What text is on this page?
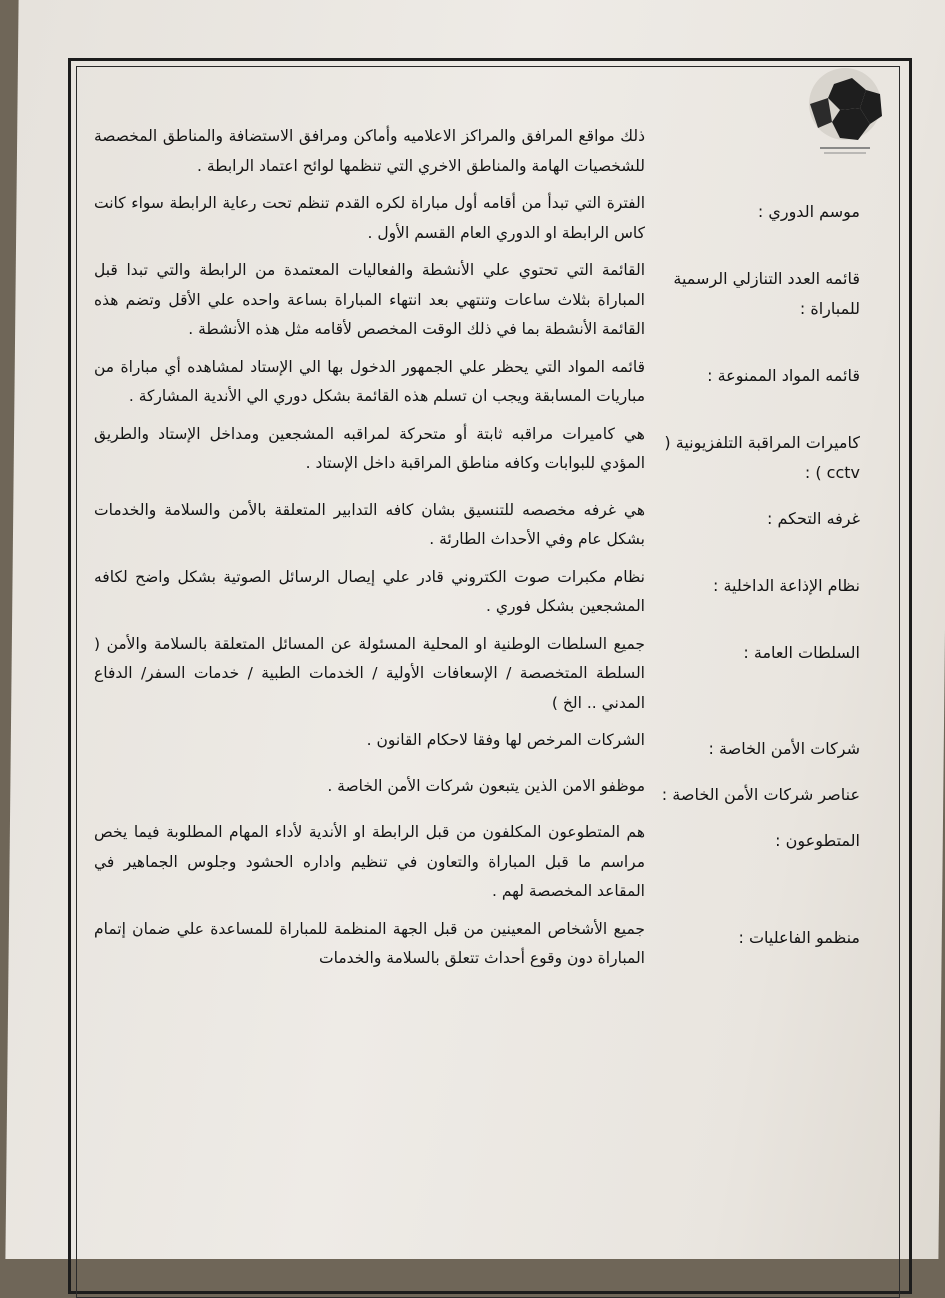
ذلك مواقع المرافق والمراكز الاعلاميه وأماكن ومرافق الاستضافة والمناطق المخصصة للشخصيات الهامة والمناطق الاخري التي تنظمها لوائح اعتماد الرابطة .
موسم الدوري :
الفترة التي تبدأ من أقامه أول مباراة لكره القدم تنظم تحت رعاية الرابطة سواء كانت كاس الرابطة او الدوري العام القسم الأول .
قائمه العدد التنازلي الرسمية للمباراة :
القائمة التي تحتوي علي الأنشطة والفعاليات المعتمدة من الرابطة والتي تبدا قبل المباراة بثلاث ساعات وتنتهي بعد انتهاء المباراة بساعة واحده علي الأقل وتضم هذه القائمة الأنشطة بما في ذلك الوقت المخصص لأقامه مثل هذه الأنشطة .
قائمه المواد الممنوعة :
قائمه المواد التي يحظر علي الجمهور الدخول بها الي الإستاد لمشاهده أي مباراة من مباريات المسابقة ويجب ان تسلم هذه القائمة بشكل دوري الي الأندية المشاركة .
كاميرات المراقبة التلفزيونية ( cctv ) :
هي كاميرات مراقبه ثابتة أو متحركة لمراقبه المشجعين ومداخل الإستاد والطريق المؤدي للبوابات وكافه مناطق المراقبة داخل الإستاد .
غرفه التحكم :
هي غرفه مخصصه للتنسيق بشان كافه التدابير المتعلقة بالأمن والسلامة والخدمات بشكل عام وفي الأحداث الطارئة .
نظام الإذاعة الداخلية :
نظام مكبرات صوت الكتروني قادر علي إيصال الرسائل الصوتية بشكل واضح لكافه المشجعين بشكل فوري .
السلطات العامة :
جميع السلطات الوطنية او المحلية المسئولة عن المسائل المتعلقة بالسلامة والأمن ( السلطة المتخصصة / الإسعافات الأولية / الخدمات الطبية / خدمات السفر/ الدفاع المدني .. الخ )
شركات الأمن الخاصة :
الشركات المرخص لها وفقا لاحكام القانون .
عناصر شركات الأمن الخاصة :
موظفو الامن الذين يتبعون شركات الأمن الخاصة .
المتطوعون :
هم المتطوعون المكلفون من قبل الرابطة او الأندية لأداء المهام المطلوبة فيما يخص مراسم ما قبل المباراة والتعاون في تنظيم واداره الحشود وجلوس الجماهير في المقاعد المخصصة لهم .
منظمو الفاعليات :
جميع الأشخاص المعينين من قبل الجهة المنظمة للمباراة للمساعدة علي ضمان إتمام المباراة دون وقوع أحداث تتعلق بالسلامة والخدمات
